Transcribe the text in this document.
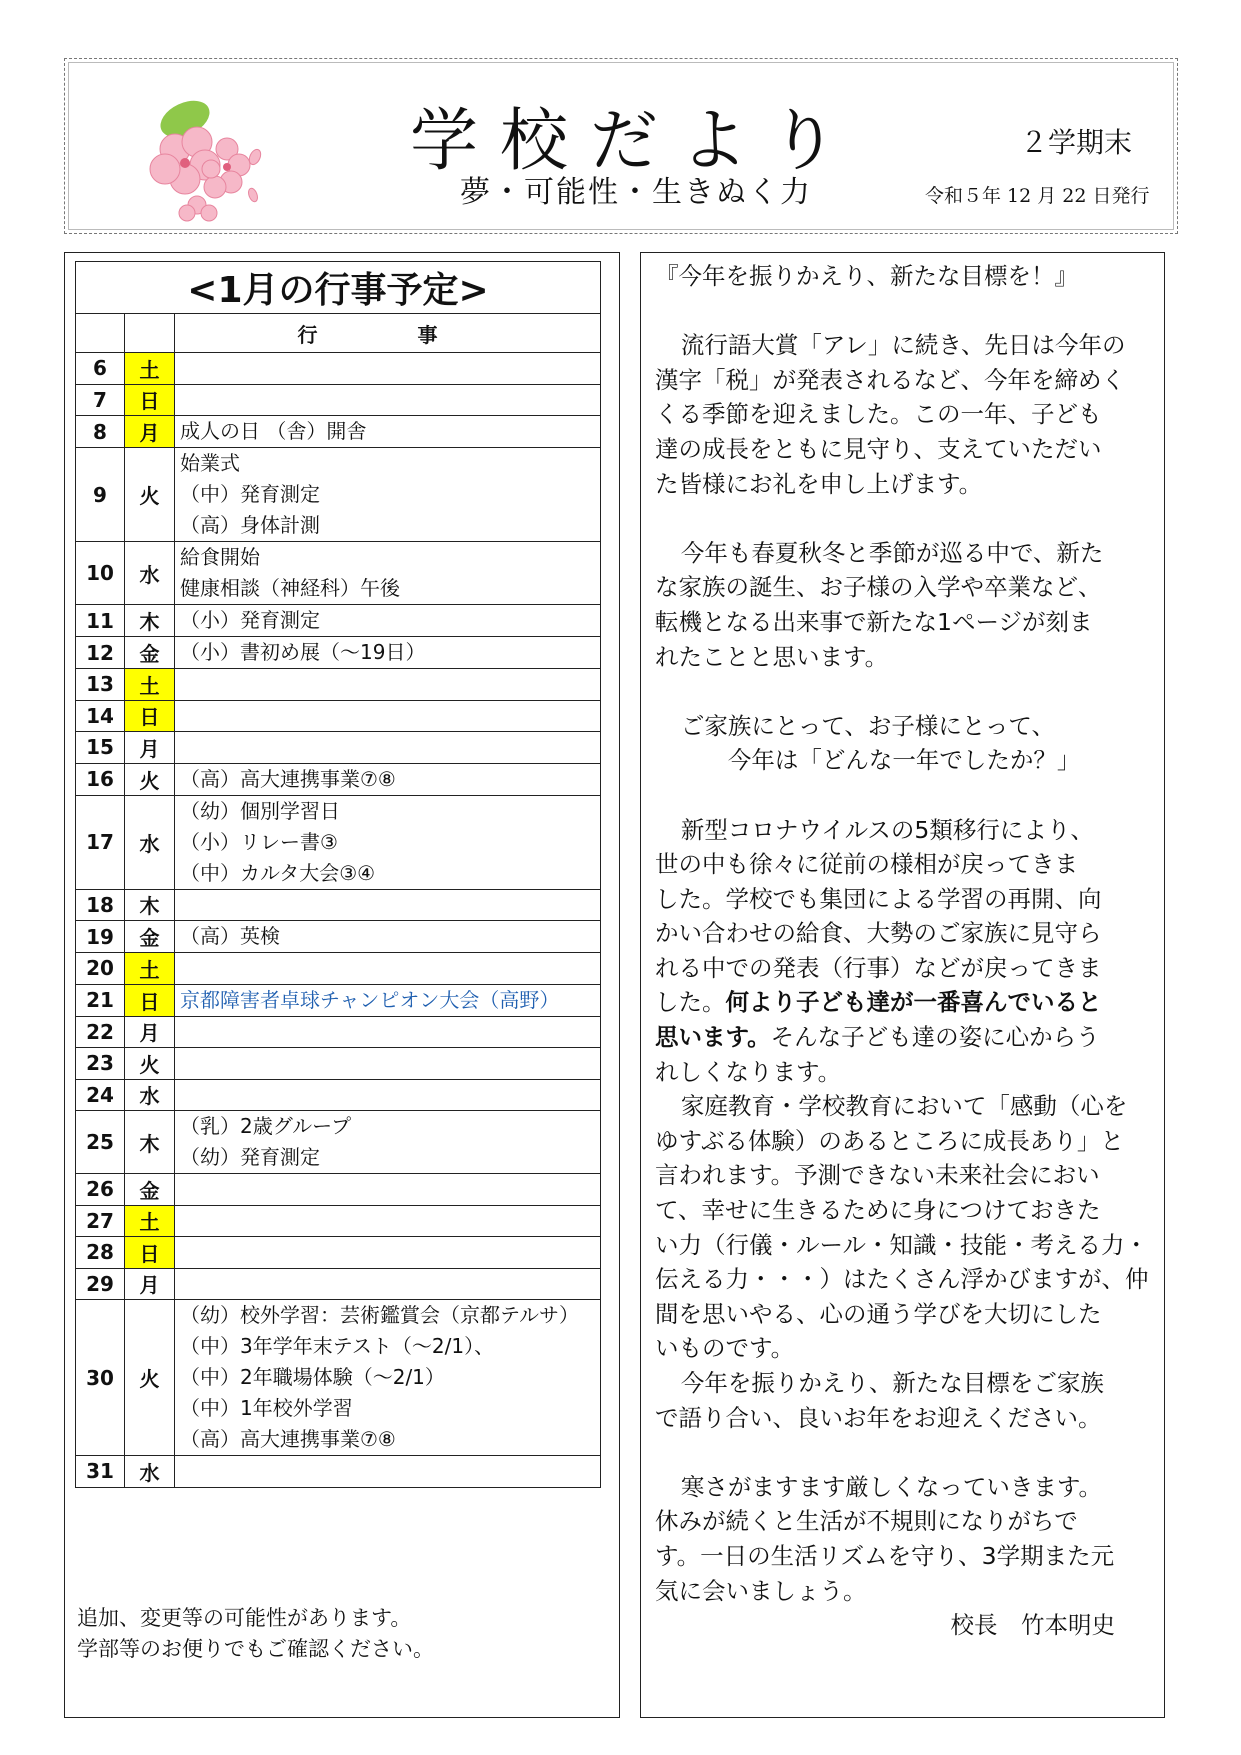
学校だより	２学期末
夢・可能性・生きぬく力	令和５年 12 月 22 日発行
<1月の行事予定>		
		行　事
6	土	
7	日	
8	月	成人の日 （舎）開舎

9	火	始業式
（中）発育測定
（高）身体計測

10	水	給食開始
健康相談（神経科）午後

11	木	（小）発育測定

12	金	（小）書初め展（～19日）

13	土	
14	日	
15	月	
16	火	（高）高大連携事業⑦⑧

17	水	（幼）個別学習日
（小）リレー書③
（中）カルタ大会③④

18	木	
19	金	（高）英検

20	土	
21	日	京都障害者卓球チャンピオン大会（高野）

22	月	
23	火	
24	水	
25	木	（乳）2歳グループ
（幼）発育測定

26	金	
27	土	
28	日	
29	月	
30	火	（幼）校外学習：芸術鑑賞会（京都テルサ）
（中）3年学年末テスト（～2/1）、
（中）2年職場体験（～2/1）
（中）1年校外学習
（高）高大連携事業⑦⑧

31	水	
追加、変更等の可能性があります。
学部等のお便りでもご確認ください。

『今年を振りかえり、新たな目標を！』

流行語大賞「アレ」に続き、先日は今年の

漢字「税」が発表されるなど、今年を締めく

くる季節を迎えました。この一年、子ども

達の成長をともに見守り、支えていただい

た皆様にお礼を申し上げます。

今年も春夏秋冬と季節が巡る中で、新た

な家族の誕生、お子様の入学や卒業など、

転機となる出来事で新たな1ページが刻ま

れたことと思います。

ご家族にとって、お子様にとって、

今年は「どんな一年でしたか？」

新型コロナウイルスの5類移行により、

世の中も徐々に従前の様相が戻ってきま

した。学校でも集団による学習の再開、向

かい合わせの給食、大勢のご家族に見守ら

れる中での発表（行事）などが戻ってきま

した。何より子ども達が一番喜んでいると

思います。そんな子ども達の姿に心からう

れしくなります。

家庭教育・学校教育において「感動（心を

ゆすぶる体験）のあるところに成長あり」と

言われます。予測できない未来社会におい

て、幸せに生きるために身につけておきた

い力（行儀・ルール・知識・技能・考える力・

伝える力・・・）はたくさん浮かびますが、仲

間を思いやる、心の通う学びを大切にした

いものです。

今年を振りかえり、新たな目標をご家族

で語り合い、良いお年をお迎えください。

寒さがますます厳しくなっていきます。

休みが続くと生活が不規則になりがちで

す。一日の生活リズムを守り、3学期また元

気に会いましょう。

校長　竹本明史
